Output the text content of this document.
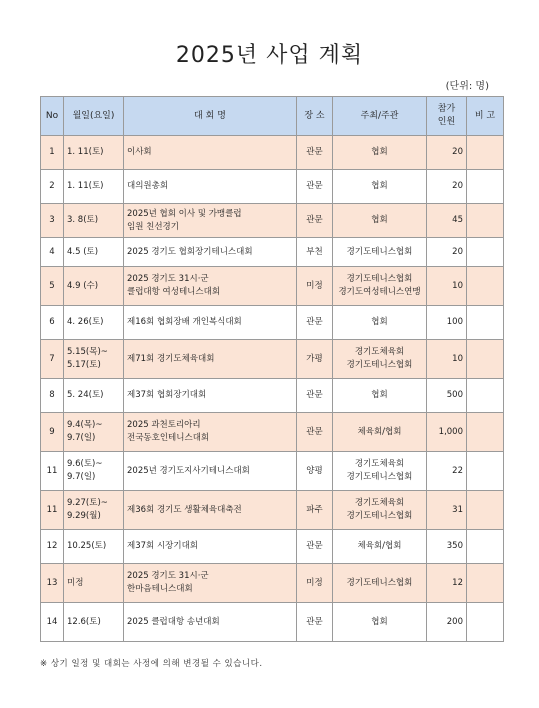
2025년 사업 계획
(단위: 명)
No	월일(요일)	대 회 명	장 소	주최/주관	참가
인원	비 고
1	1. 11(토)	이사회	관문	협회	20	
2	1. 11(토)	대의원총회	관문	협회	20	
3	3. 8(토)	2025년 협회 이사 및 가맹클럽
임원 친선경기	관문	협회	45	
4	4.5 (토)	2025 경기도 협회장기테니스대회	부천	경기도테니스협회	20	
5	4.9 (수)	2025 경기도 31시·군
클럽대항 여성테니스대회	미정	경기도테니스협회
경기도여성테니스연맹	10	
6	4. 26(토)	제16회 협회장배 개인복식대회	관문	협회	100	
7	5.15(목)~
5.17(토)	제71회 경기도체육대회	가평	경기도체육회
경기도테니스협회	10	
8	5. 24(토)	제37회 협회장기대회	관문	협회	500	
9	9.4(목)~
9.7(일)	2025 과천토리아리
전국동호인테니스대회	관문	체육회/협회	1,000	
11	9.6(토)~
9.7(일)	2025년 경기도지사기테니스대회	양평	경기도체육회
경기도테니스협회	22	
11	9.27(토)~
9.29(월)	제36회 경기도 생활체육대축전	파주	경기도체육회
경기도테니스협회	31	
12	10.25(토)	제37회 시장기대회	관문	체육회/협회	350	
13	미정	2025 경기도 31시·군
한마음테니스대회	미정	경기도테니스협회	12	
14	12.6(토)	2025 클럽대항 송년대회	관문	협회	200	
※ 상기 일정 및 대회는 사정에 의해 변경될 수 있습니다.
